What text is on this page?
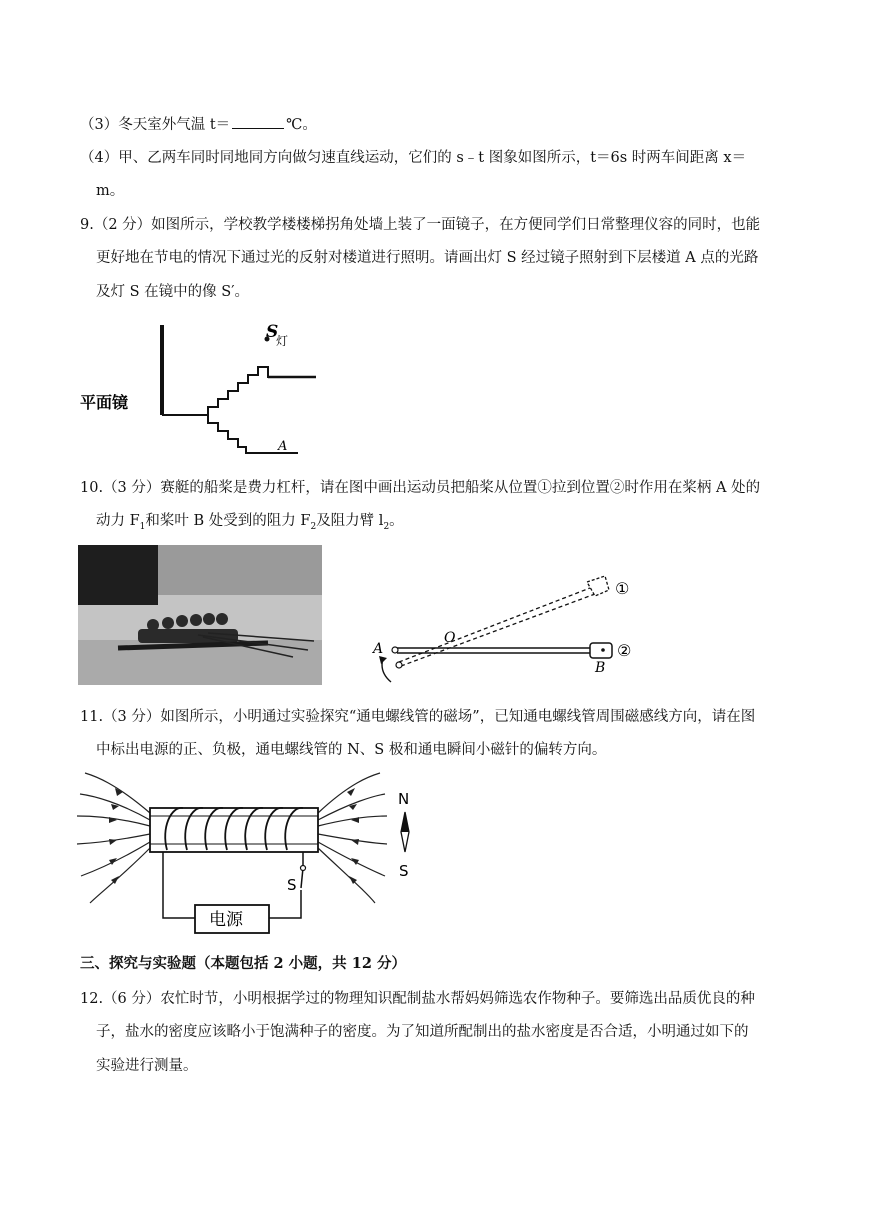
（3）冬天室外气温 t＝	℃。
（4）甲、乙两车同时同地同方向做匀速直线运动，它们的 s﹣t 图象如图所示，t＝6s 时两车间距离 x＝
m。
9.（2 分）如图所示，学校教学楼楼梯拐角处墙上装了一面镜子，在方便同学们日常整理仪容的同时，也能
更好地在节电的情况下通过光的反射对楼道进行照明。请画出灯 S 经过镜子照射到下层楼道 A 点的光路
及灯 S 在镜中的像 S′。
S
灯
A
平面镜
10.（3 分）赛艇的船桨是费力杠杆，请在图中画出运动员把船桨从位置①拉到位置②时作用在桨柄 A 处的
动力 $F_1$和桨叶 B 处受到的阻力 $F_2$及阻力臂 $l_2$。
A
O
B
①
②
11.（3 分）如图所示，小明通过实验探究“通电螺线管的磁场”，已知通电螺线管周围磁感线方向，请在图
中标出电源的正、负极，通电螺线管的 N、S 极和通电瞬间小磁针的偏转方向。
S
电源
N
S
三、探究与实验题（本题包括 2 小题，共 12 分）
12.（6 分）农忙时节，小明根据学过的物理知识配制盐水帮妈妈筛选农作物种子。要筛选出品质优良的种
子，盐水的密度应该略小于饱满种子的密度。为了知道所配制出的盐水密度是否合适，小明通过如下的
实验进行测量。
